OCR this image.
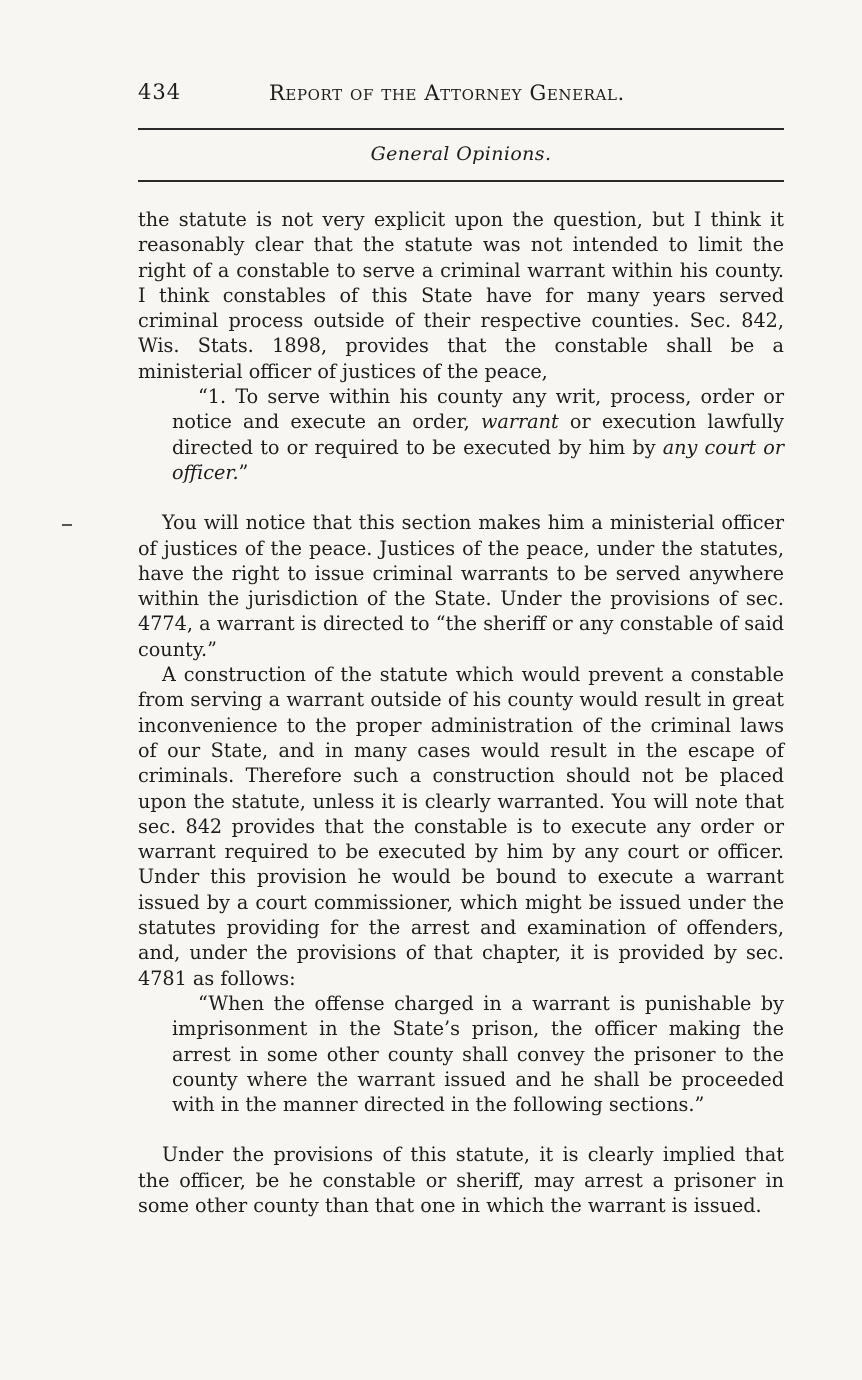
434	Report of the Attorney General.
General Opinions.

the statute is not very explicit upon the question, but I think it reasonably clear that the statute was not intended to limit the right of a constable to serve a criminal warrant within his county. I think constables of this State have for many years served criminal process outside of their respective counties. Sec. 842, Wis. Stats. 1898, provides that the constable shall be a ministerial officer of justices of the peace,

“1. To serve within his county any writ, process, order or notice and execute an order, warrant or execution lawfully directed to or required to be executed by him by any court or officer.”

You will notice that this section makes him a ministerial officer of justices of the peace. Justices of the peace, under the statutes, have the right to issue criminal warrants to be served anywhere within the jurisdiction of the State. Under the provisions of sec. 4774, a warrant is directed to “the sheriff or any constable of said county.”

A construction of the statute which would prevent a constable from serving a warrant outside of his county would result in great inconvenience to the proper administration of the criminal laws of our State, and in many cases would result in the escape of criminals. Therefore such a construction should not be placed upon the statute, unless it is clearly warranted. You will note that sec. 842 provides that the constable is to execute any order or warrant required to be executed by him by any court or officer. Under this provision he would be bound to execute a warrant issued by a court commissioner, which might be issued under the statutes providing for the arrest and examination of offenders, and, under the provisions of that chapter, it is provided by sec. 4781 as follows:

“When the offense charged in a warrant is punishable by imprisonment in the State’s prison, the officer making the arrest in some other county shall convey the prisoner to the county where the warrant issued and he shall be proceeded with in the manner directed in the following sections.”

Under the provisions of this statute, it is clearly implied that the officer, be he constable or sheriff, may arrest a prisoner in some other county than that one in which the warrant is issued.
